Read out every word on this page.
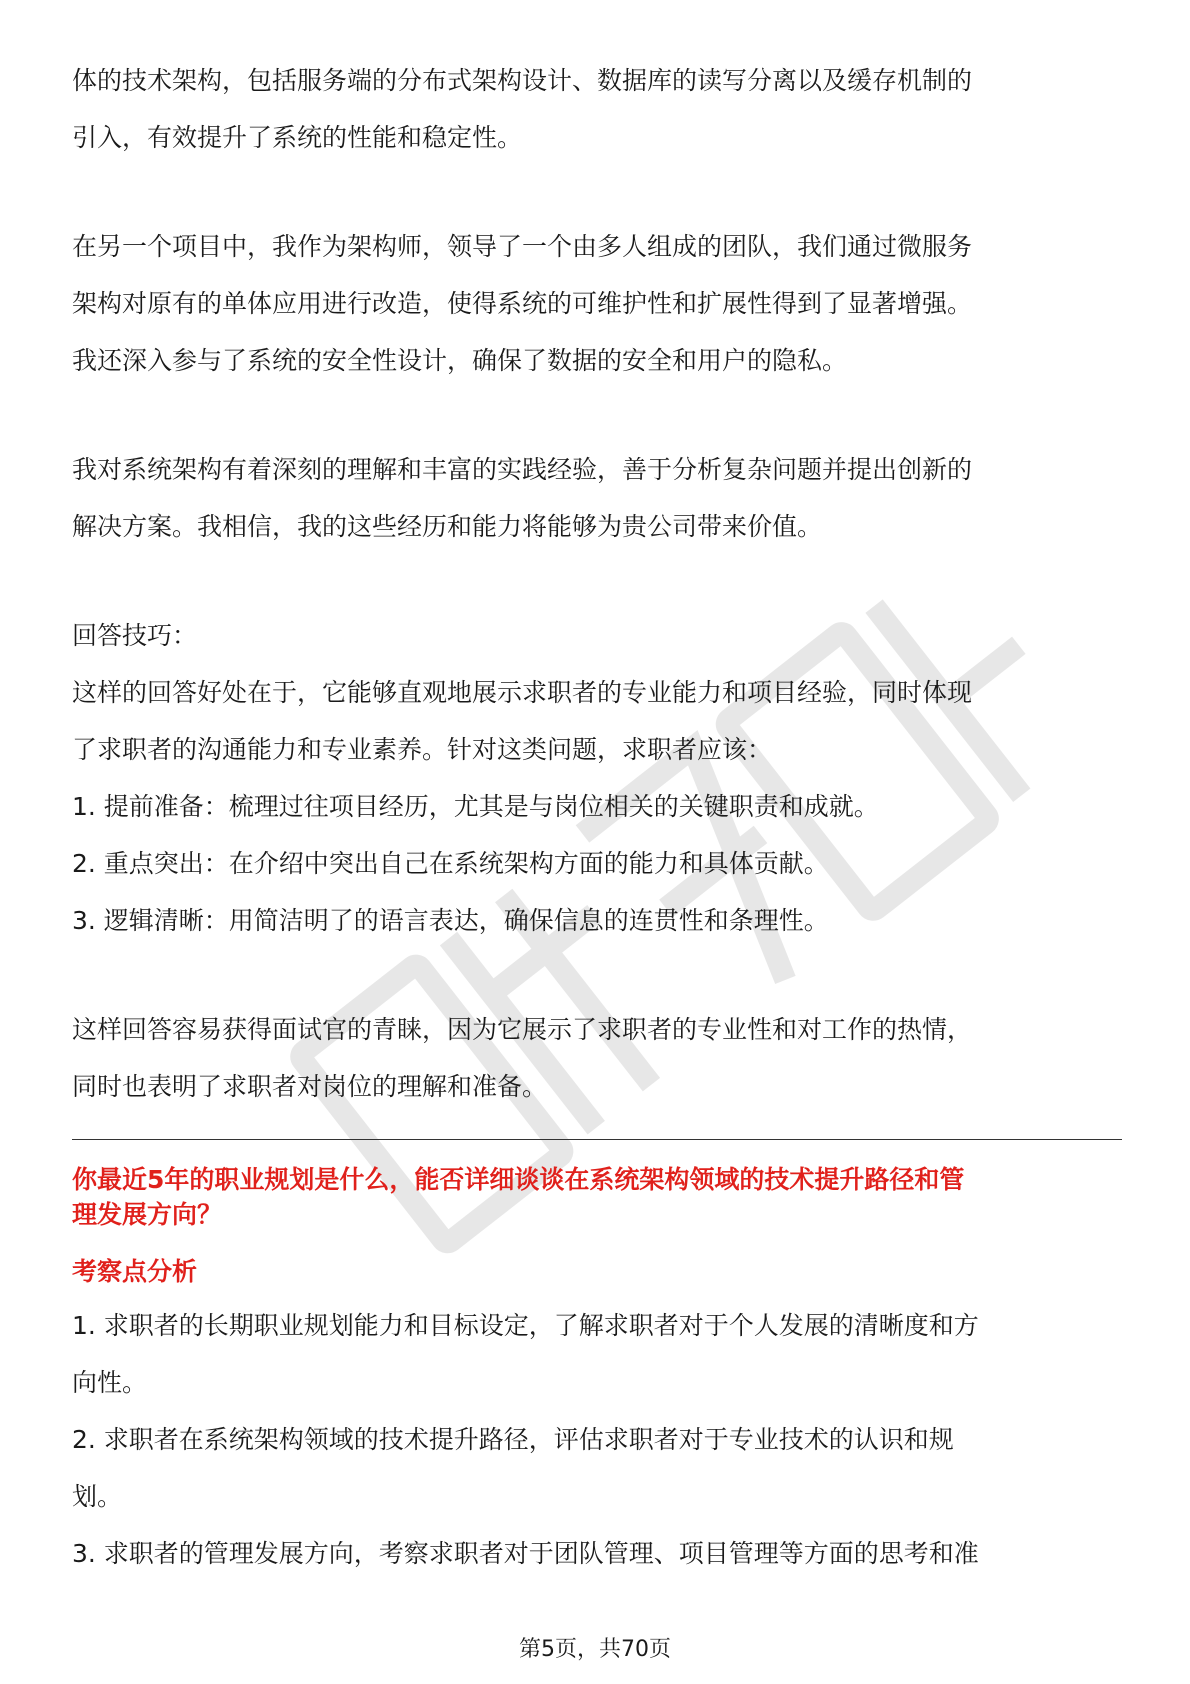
体的技术架构，包括服务端的分布式架构设计、数据库的读写分离以及缓存机制的

引入，有效提升了系统的性能和稳定性。

在另一个项目中，我作为架构师，领导了一个由多人组成的团队，我们通过微服务

架构对原有的单体应用进行改造，使得系统的可维护性和扩展性得到了显著增强。

我还深入参与了系统的安全性设计，确保了数据的安全和用户的隐私。

我对系统架构有着深刻的理解和丰富的实践经验，善于分析复杂问题并提出创新的

解决方案。我相信，我的这些经历和能力将能够为贵公司带来价值。

回答技巧：

这样的回答好处在于，它能够直观地展示求职者的专业能力和项目经验，同时体现

了求职者的沟通能力和专业素养。针对这类问题，求职者应该：

1. 提前准备：梳理过往项目经历，尤其是与岗位相关的关键职责和成就。

2. 重点突出：在介绍中突出自己在系统架构方面的能力和具体贡献。

3. 逻辑清晰：用简洁明了的语言表达，确保信息的连贯性和条理性。

这样回答容易获得面试官的青睐，因为它展示了求职者的专业性和对工作的热情，

同时也表明了求职者对岗位的理解和准备。

你最近5年的职业规划是什么，能否详细谈谈在系统架构领域的技术提升路径和管

理发展方向？

考察点分析

1. 求职者的长期职业规划能力和目标设定，了解求职者对于个人发展的清晰度和方

向性。

2. 求职者在系统架构领域的技术提升路径，评估求职者对于专业技术的认识和规

划。

3. 求职者的管理发展方向，考察求职者对于团队管理、项目管理等方面的思考和准

第5页，共70页
